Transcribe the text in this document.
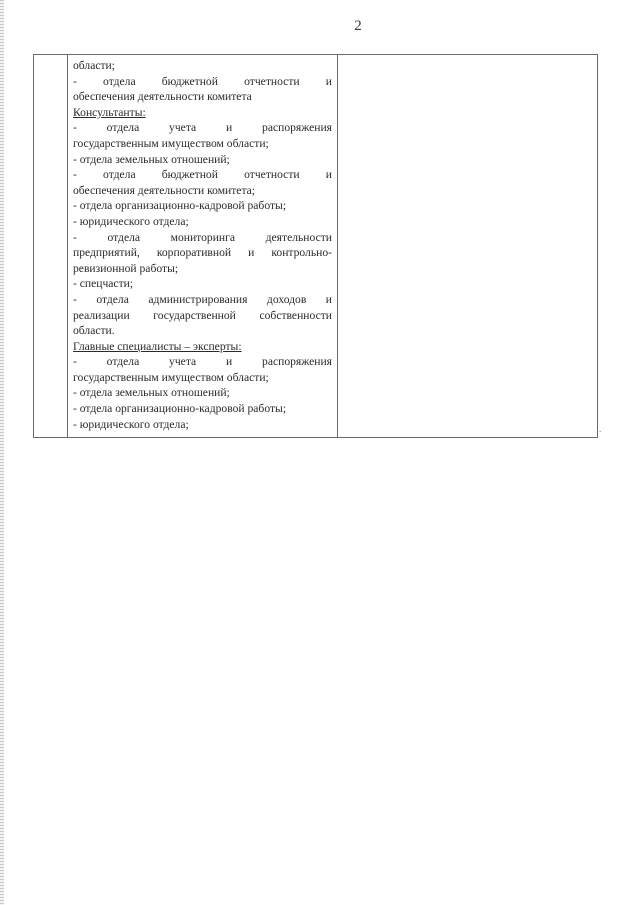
2

области;
- отдела бюджетной отчетности и
обеспечения деятельности комитета
Консультанты:
- отдела учета и распоряжения
государственным имуществом области;
- отдела земельных отношений;
- отдела бюджетной отчетности и
обеспечения деятельности комитета;
- отдела организационно-кадровой работы;
- юридического отдела;
- отдела мониторинга деятельности
предприятий, корпоративной и контрольно-
ревизионной работы;
- спецчасти;
- отдела администрирования доходов и
реализации государственной собственности
области.
Главные специалисты – эксперты:
- отдела учета и распоряжения
государственным имуществом области;
- отдела земельных отношений;
- отдела организационно-кадровой работы;
- юридического отдела;
		.
